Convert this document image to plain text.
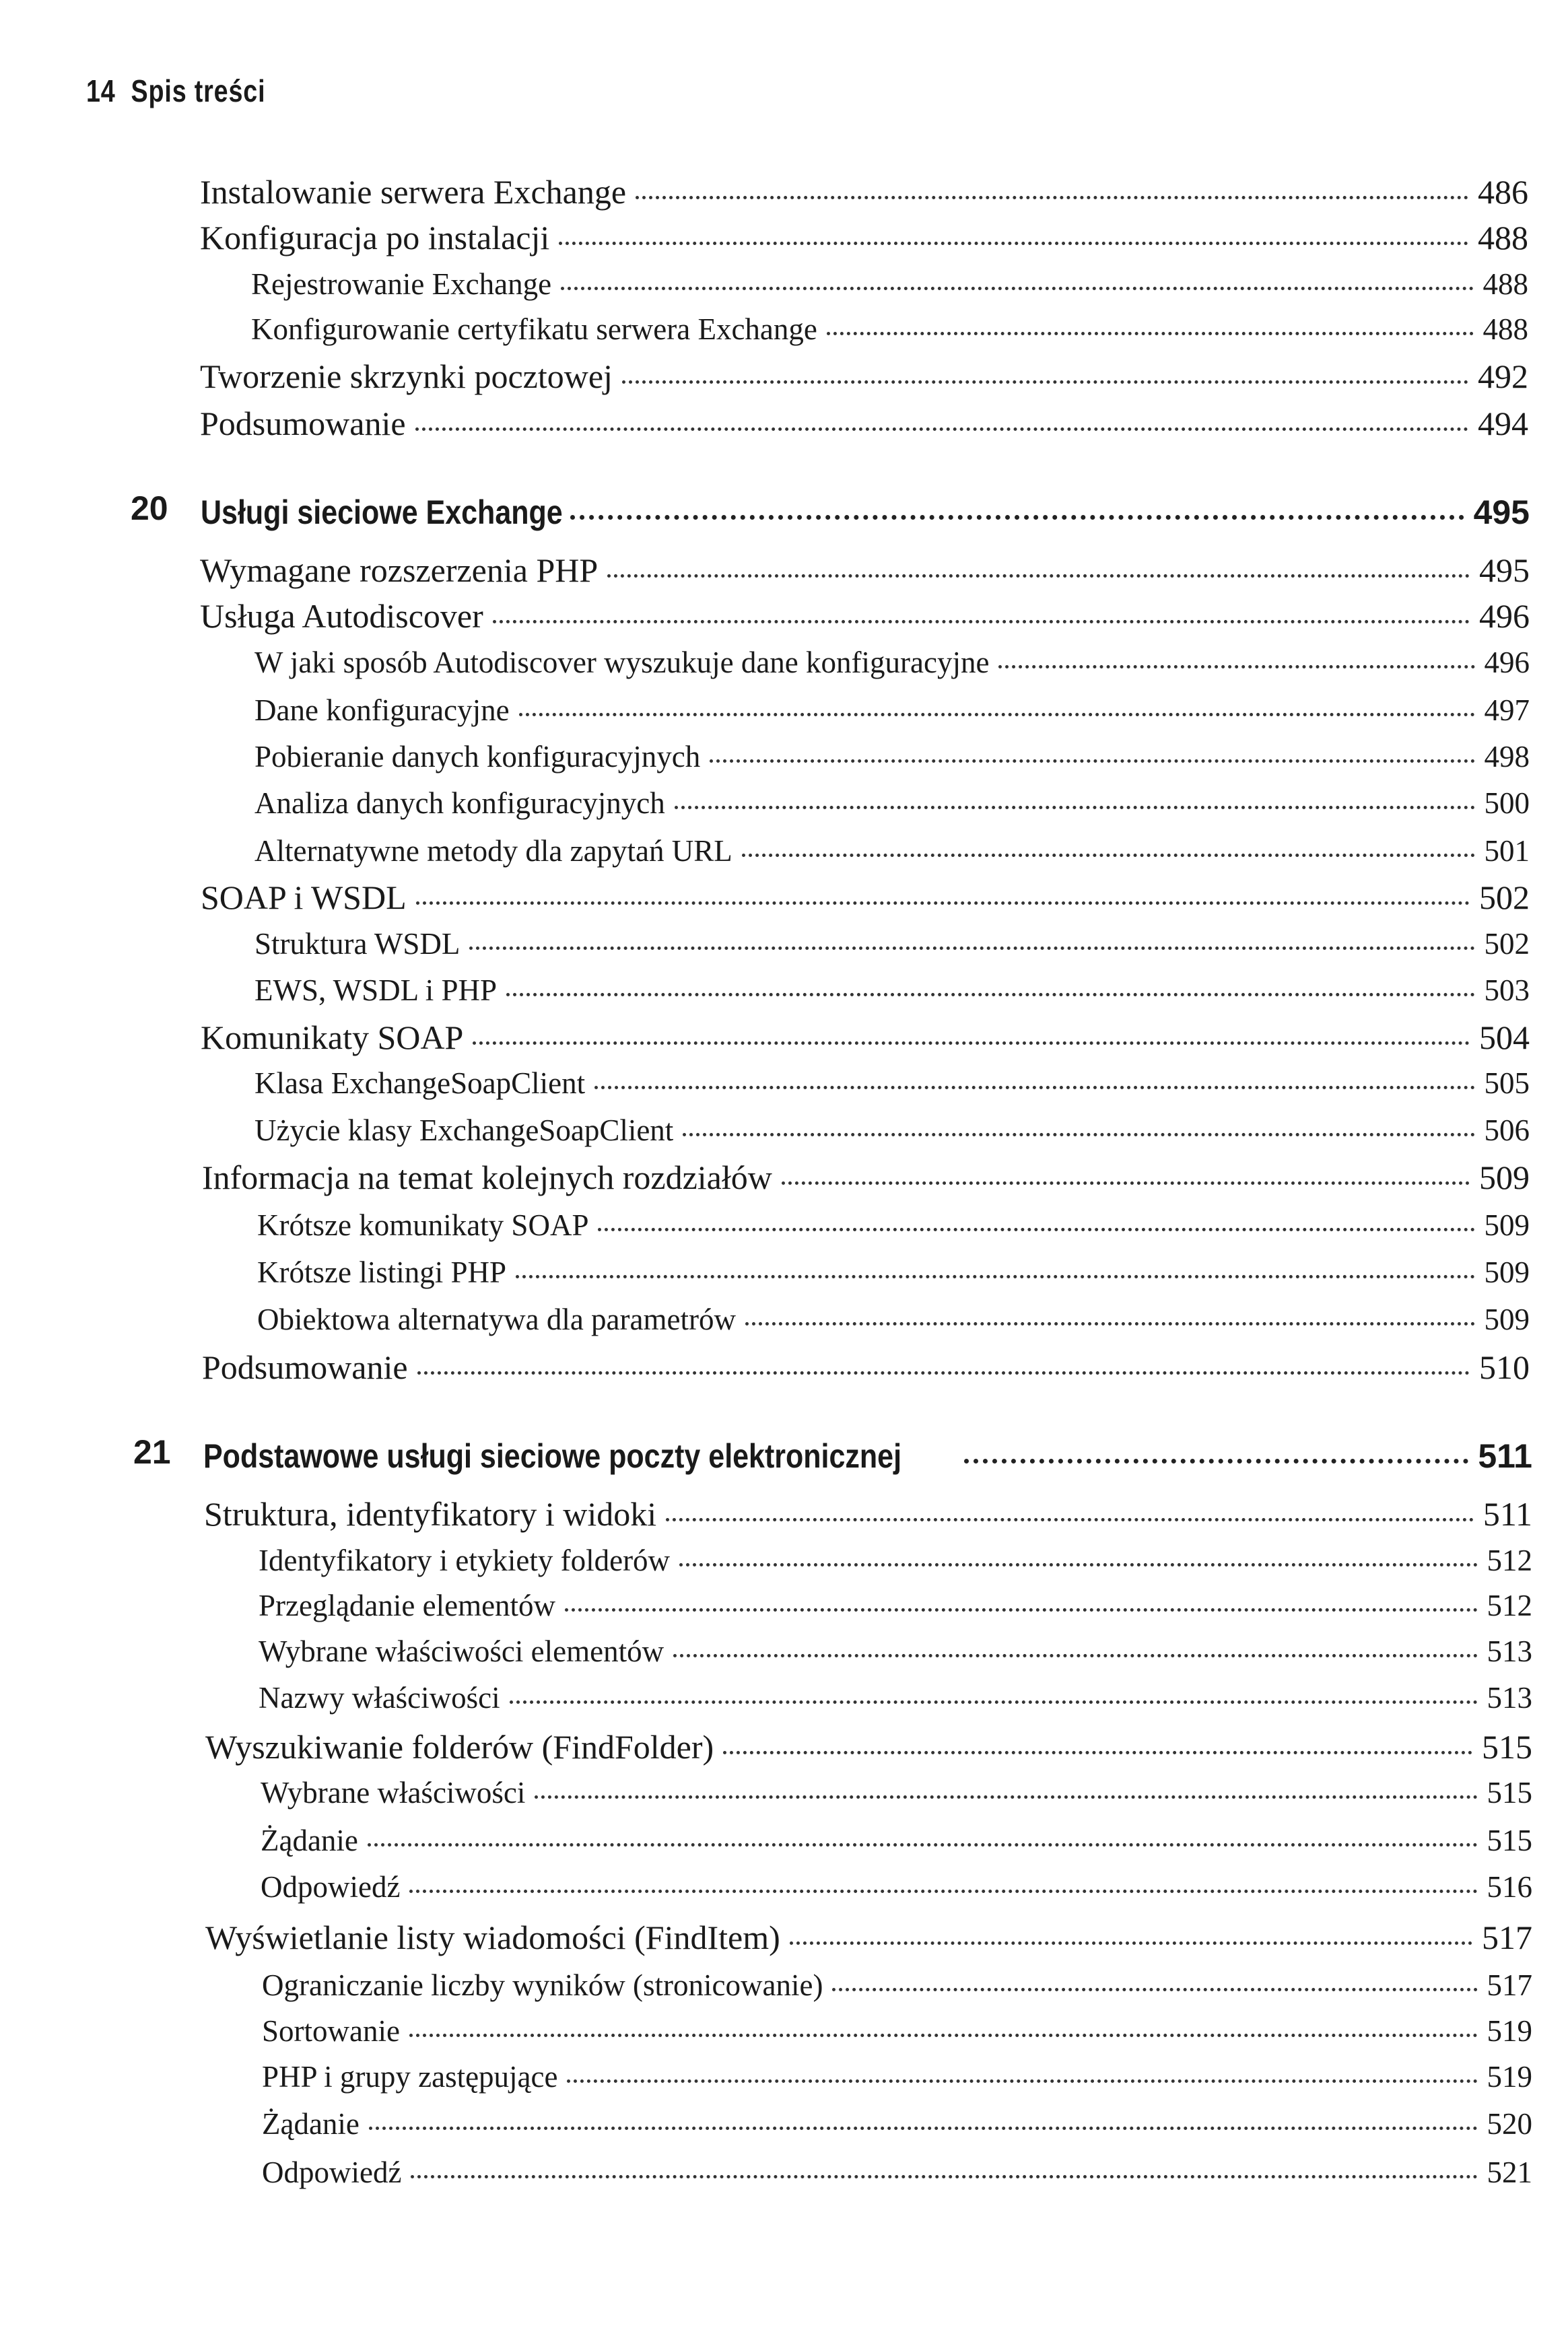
14 Spis treści
Instalowanie serwera Exchange	486
Konfiguracja po instalacji	488
Rejestrowanie Exchange	488
Konfigurowanie certyfikatu serwera Exchange	488
Tworzenie skrzynki pocztowej	492
Podsumowanie	494
20 Usługi sieciowe Exchange	495
Wymagane rozszerzenia PHP	495
Usługa Autodiscover	496
W jaki sposób Autodiscover wyszukuje dane konfiguracyjne	496
Dane konfiguracyjne	497
Pobieranie danych konfiguracyjnych	498
Analiza danych konfiguracyjnych	500
Alternatywne metody dla zapytań URL	501
SOAP i WSDL	502
Struktura WSDL	502
EWS, WSDL i PHP	503
Komunikaty SOAP	504
Klasa ExchangeSoapClient	505
Użycie klasy ExchangeSoapClient	506
Informacja na temat kolejnych rozdziałów	509
Krótsze komunikaty SOAP	509
Krótsze listingi PHP	509
Obiektowa alternatywa dla parametrów	509
Podsumowanie	510
21 Podstawowe usługi sieciowe poczty elektronicznej	511
Struktura, identyfikatory i widoki	511
Identyfikatory i etykiety folderów	512
Przeglądanie elementów	512
Wybrane właściwości elementów	513
Nazwy właściwości	513
Wyszukiwanie folderów (FindFolder)	515
Wybrane właściwości	515
Żądanie	515
Odpowiedź	516
Wyświetlanie listy wiadomości (FindItem)	517
Ograniczanie liczby wyników (stronicowanie)	517
Sortowanie	519
PHP i grupy zastępujące	519
Żądanie	520
Odpowiedź	521
